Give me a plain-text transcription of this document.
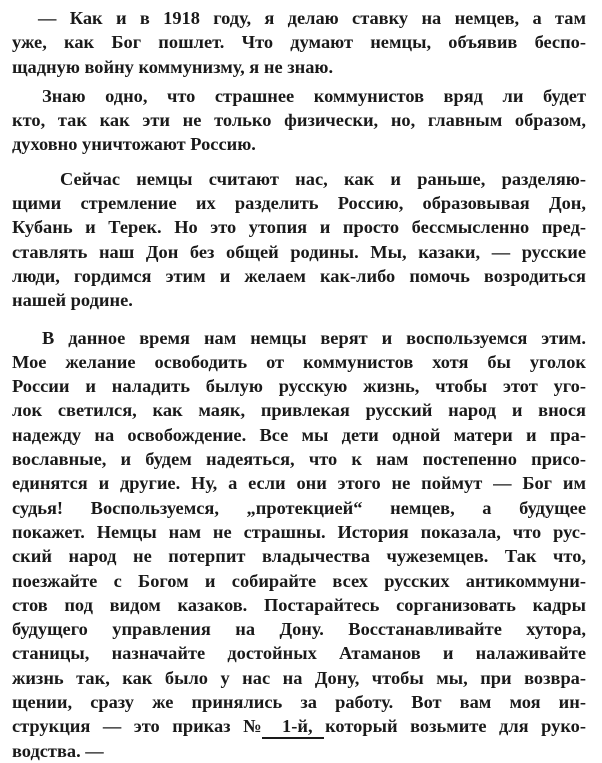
— Как и в 1918 году, я делаю ставку на немцев, а там
уже, как Бог пошлет. Что думают немцы, объявив беспо-
щадную войну коммунизму, я не знаю.

Знаю одно, что страшнее коммунистов вряд ли будет
кто, так как эти не только физически, но, главным образом,
духовно уничтожают Россию.

Сейчас немцы считают нас, как и раньше, разделяю-
щими стремление их разделить Россию, образовывая Дон,
Кубань и Терек. Но это утопия и просто бессмысленно пред-
ставлять наш Дон без общей родины. Мы, казаки, — русские
люди, гордимся этим и желаем как-либо помочь возродиться
нашей родине.

В данное время нам немцы верят и воспользуемся этим.
Мое желание освободить от коммунистов хотя бы уголок
России и наладить былую русскую жизнь, чтобы этот уго-
лок светился, как маяк, привлекая русский народ и внося
надежду на освобождение. Все мы дети одной матери и пра-
вославные, и будем надеяться, что к нам постепенно присо-
единятся и другие. Ну, а если они этого не поймут — Бог им
судья! Воспользуемся, „протекцией“ немцев, а будущее
покажет. Немцы нам не страшны. История показала, что рус-
ский народ не потерпит владычества чужеземцев. Так что,
поезжайте с Богом и собирайте всех русских антикоммуни-
стов под видом казаков. Постарайтесь сорганизовать кадры
будущего управления на Дону. Восстанавливайте хутора,
станицы, назначайте достойных Атаманов и налаживайте
жизнь так, как было у нас на Дону, чтобы мы, при возвра-
щении, сразу же принялись за работу. Вот вам моя ин-
струкция — это приказ № 1-й, который возьмите для руко-
водства. —
